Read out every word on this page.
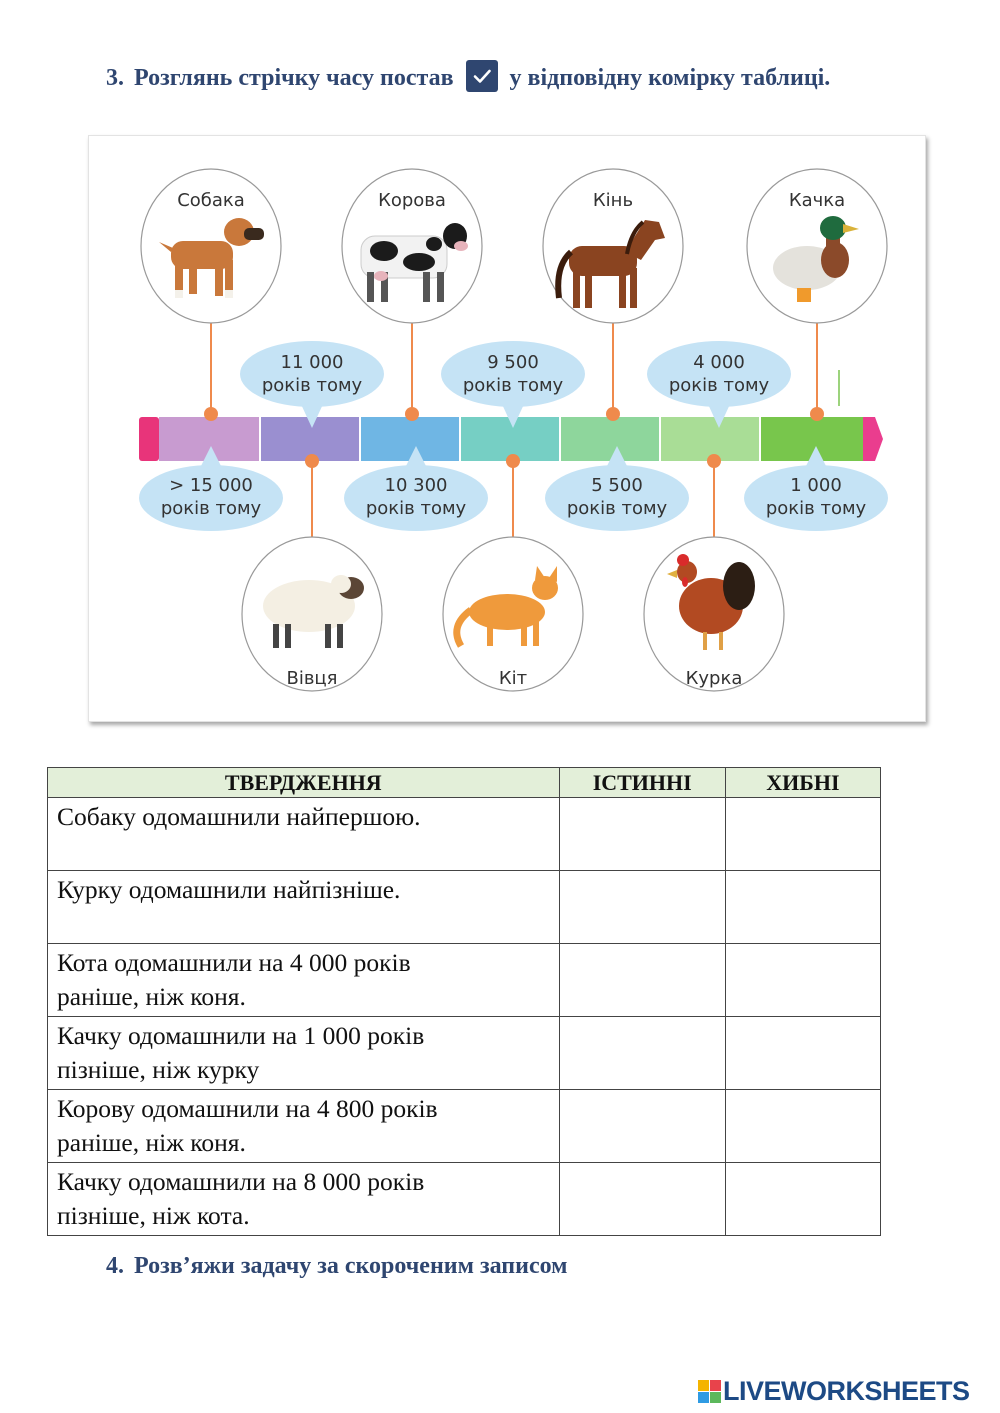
3. Розглянь стрічку часу постав у відповідну комірку таблиці.
11 000
років тому
9 500
років тому
4 000
років тому
> 15 000
років тому
10 300
років тому
5 500
років тому
1 000
років тому
Собака	Корова	Кінь	Качка
Вівця	Кіт	Курка
ТВЕРДЖЕННЯ	ІСТИННІ	ХИБНІ
Собаку одомашнили найпершою.

Курку одомашнили найпізніше.

Кота одомашнили на 4 000 років
раніше, ніж коня.		
Качку одомашнили на 1 000 років
пізніше, ніж курку		
Корову одомашнили на 4 800 років
раніше, ніж коня.		
Качку одомашнили на 8 000 років
пізніше, ніж кота.		
4. Розв’яжи задачу за скороченим записом
LIVEWORKSHEETS
